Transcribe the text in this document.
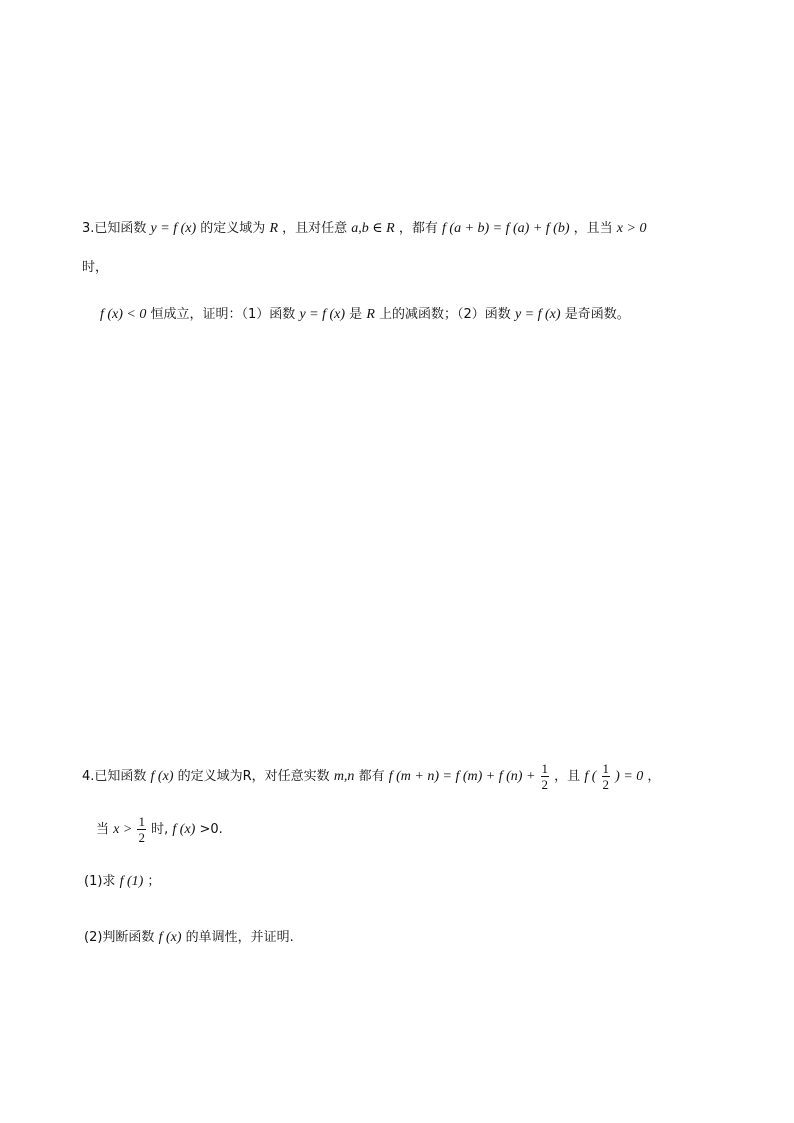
3.已知函数 y = f (x) 的定义域为 R ，且对任意 a,b ∈ R ，都有 f (a + b) = f (a) + f (b) ，且当 x > 0
时，
f (x) < 0 恒成立，证明：（1）函数 y = f (x) 是 R 上的减函数；（2）函数 y = f (x) 是奇函数。
4.已知函数 f (x) 的定义域为R，对任意实数 m,n 都有 f (m + n) = f (m) + f $(n) + \frac{1}{2}$ ，且 f ( $\frac{1}{2}$ ) = 0 ，
当 $x > \frac{1}{2}$ 时, f (x) >0.
(1)求 f (1) ；
(2)判断函数 f (x) 的单调性，并证明.
